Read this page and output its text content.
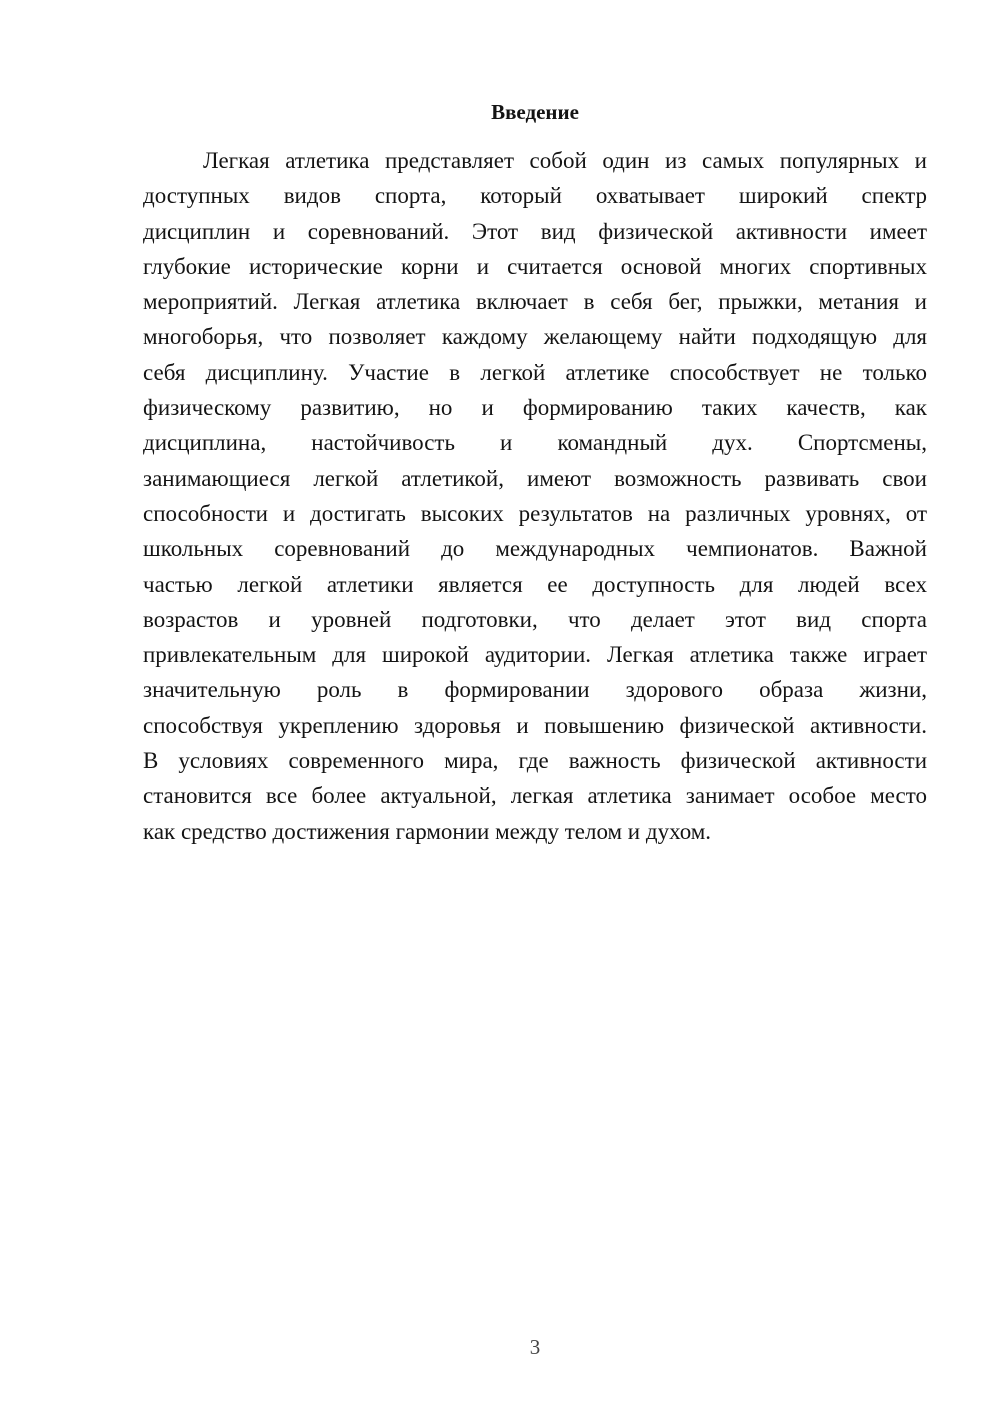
Введение
Легкая атлетика представляет собой один из самых популярных и
доступных видов спорта, который охватывает широкий спектр
дисциплин и соревнований. Этот вид физической активности имеет
глубокие исторические корни и считается основой многих спортивных
мероприятий. Легкая атлетика включает в себя бег, прыжки, метания и
многоборья, что позволяет каждому желающему найти подходящую для
себя дисциплину. Участие в легкой атлетике способствует не только
физическому развитию, но и формированию таких качеств, как
дисциплина, настойчивость и командный дух. Спортсмены,
занимающиеся легкой атлетикой, имеют возможность развивать свои
способности и достигать высоких результатов на различных уровнях, от
школьных соревнований до международных чемпионатов. Важной
частью легкой атлетики является ее доступность для людей всех
возрастов и уровней подготовки, что делает этот вид спорта
привлекательным для широкой аудитории. Легкая атлетика также играет
значительную роль в формировании здорового образа жизни,
способствуя укреплению здоровья и повышению физической активности.
В условиях современного мира, где важность физической активности
становится все более актуальной, легкая атлетика занимает особое место
как средство достижения гармонии между телом и духом.
3
